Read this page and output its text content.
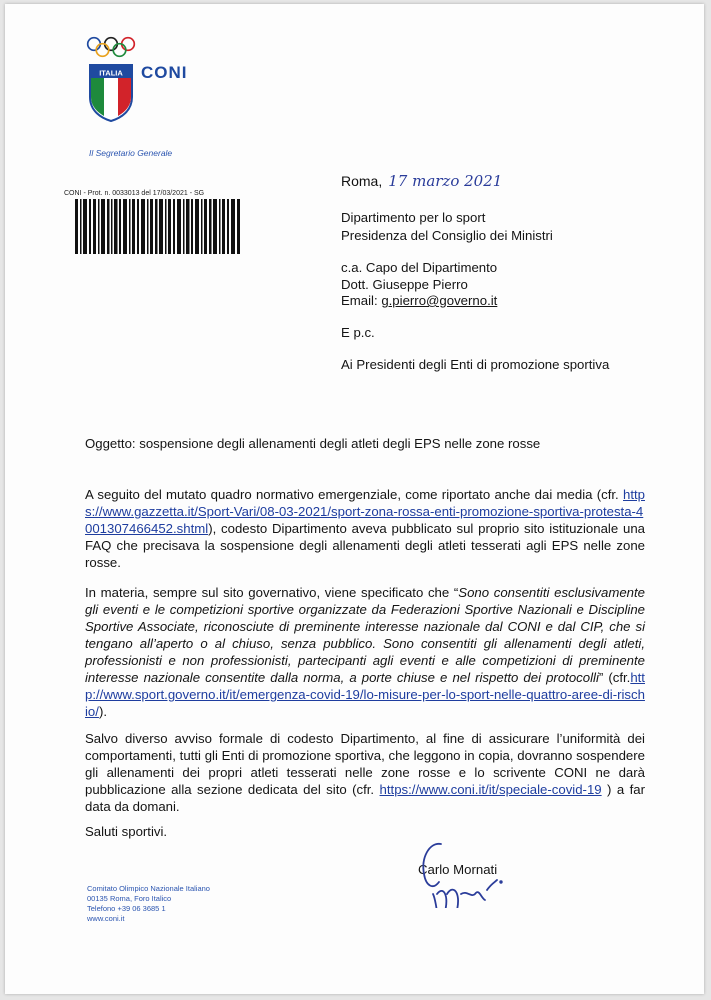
ITALIA CONI
Il Segretario Generale
CONI - Prot. n. 0033013 del 17/03/2021 - SG
Roma, 17 marzo 2021
Dipartimento per lo sport
Presidenza del Consiglio dei Ministri
c.a. Capo del Dipartimento
Dott. Giuseppe Pierro
Email: g.pierro@governo.it
E p.c.
Ai Presidenti degli Enti di promozione sportiva
Oggetto: sospensione degli allenamenti degli atleti degli EPS nelle zone rosse
A seguito del mutato quadro normativo emergenziale, come riportato anche dai media (cfr. https://www.gazzetta.it/Sport-Vari/08-03-2021/sport-zona-rossa-enti-promozione-sportiva-protesta-4001307466452.shtml), codesto Dipartimento aveva pubblicato sul proprio sito istituzionale una FAQ che precisava la sospensione degli allenamenti degli atleti tesserati agli EPS nelle zone rosse.
In materia, sempre sul sito governativo, viene specificato che “Sono consentiti esclusivamente gli eventi e le competizioni sportive organizzate da Federazioni Sportive Nazionali e Discipline Sportive Associate, riconosciute di preminente interesse nazionale dal CONI e dal CIP, che si tengano all’aperto o al chiuso, senza pubblico. Sono consentiti gli allenamenti degli atleti, professionisti e non professionisti, partecipanti agli eventi e alle competizioni di preminente interesse nazionale consentite dalla norma, a porte chiuse e nel rispetto dei protocolli” (cfr.http://www.sport.governo.it/it/emergenza-covid-19/lo-misure-per-lo-sport-nelle-quattro-aree-di-rischio/).
Salvo diverso avviso formale di codesto Dipartimento, al fine di assicurare l’uniformità dei comportamenti, tutti gli Enti di promozione sportiva, che leggono in copia, dovranno sospendere gli allenamenti dei propri atleti tesserati nelle zone rosse e lo scrivente CONI ne darà pubblicazione alla sezione dedicata del sito (cfr. https://www.coni.it/it/speciale-covid-19 ) a far data da domani.
Saluti sportivi.
Carlo Mornati
Comitato Olimpico Nazionale Italiano
00135 Roma, Foro Italico
Telefono +39 06 3685 1
www.coni.it
